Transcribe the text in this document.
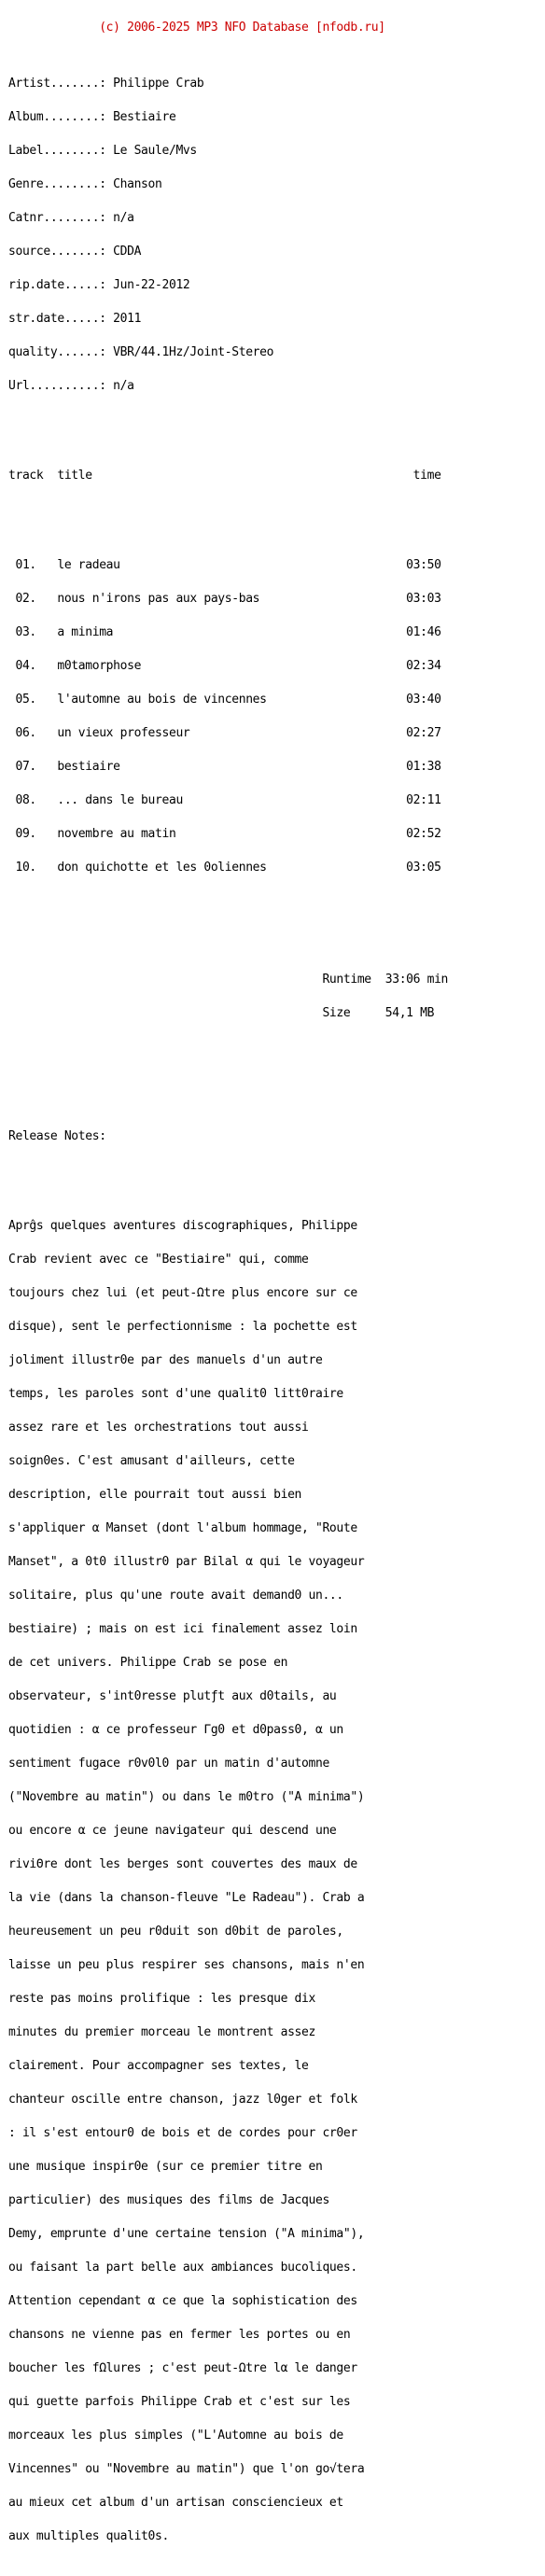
(c) 2006-2025 MP3 NFO Database [nfodb.ru]

Artist.......: Philippe Crab

Album........: Bestiaire

Label........: Le Saule/Mvs

Genre........: Chanson

Catnr........: n/a

source.......: CDDA

rip.date.....: Jun-22-2012

str.date.....: 2011

quality......: VBR/44.1Hz/Joint-Stereo

Url..........: n/a

track  title                                              time

01.   le radeau                                         03:50

02.   nous n'irons pas aux pays-bas                     03:03

03.   a minima                                          01:46

04.   m0tamorphose                                      02:34

05.   l'automne au bois de vincennes                    03:40

06.   un vieux professeur                               02:27

07.   bestiaire                                         01:38

08.   ... dans le bureau                                02:11

09.   novembre au matin                                 02:52

10.   don quichotte et les 0oliennes                    03:05

Runtime  33:06 min

Size     54,1 MB

Release Notes:

Aprĝs quelques aventures discographiques, Philippe

Crab revient avec ce "Bestiaire" qui, comme

toujours chez lui (et peut-Ωtre plus encore sur ce

disque), sent le perfectionnisme : la pochette est

joliment illustr0e par des manuels d'un autre

temps, les paroles sont d'une qualit0 litt0raire

assez rare et les orchestrations tout aussi

soign0es. C'est amusant d'ailleurs, cette

description, elle pourrait tout aussi bien

s'appliquer α Manset (dont l'album hommage, "Route

Manset", a 0t0 illustr0 par Bilal α qui le voyageur

solitaire, plus qu'une route avait demand0 un...

bestiaire) ; mais on est ici finalement assez loin

de cet univers. Philippe Crab se pose en

observateur, s'int0resse plutƒt aux d0tails, au

quotidien : α ce professeur Γg0 et d0pass0, α un

sentiment fugace r0v0l0 par un matin d'automne

("Novembre au matin") ou dans le m0tro ("A minima")

ou encore α ce jeune navigateur qui descend une

riviΘre dont les berges sont couvertes des maux de

la vie (dans la chanson-fleuve "Le Radeau"). Crab a

heureusement un peu r0duit son d0bit de paroles,

laisse un peu plus respirer ses chansons, mais n'en

reste pas moins prolifique : les presque dix

minutes du premier morceau le montrent assez

clairement. Pour accompagner ses textes, le

chanteur oscille entre chanson, jazz l0ger et folk

: il s'est entour0 de bois et de cordes pour cr0er

une musique inspir0e (sur ce premier titre en

particulier) des musiques des films de Jacques

Demy, emprunte d'une certaine tension ("A minima"),

ou faisant la part belle aux ambiances bucoliques.

Attention cependant α ce que la sophistication des

chansons ne vienne pas en fermer les portes ou en

boucher les fΩlures ; c'est peut-Ωtre lα le danger

qui guette parfois Philippe Crab et c'est sur les

morceaux les plus simples ("L'Automne au bois de

Vincennes" ou "Novembre au matin") que l'on go√tera

au mieux cet album d'un artisan consciencieux et

aux multiples qualit0s.
